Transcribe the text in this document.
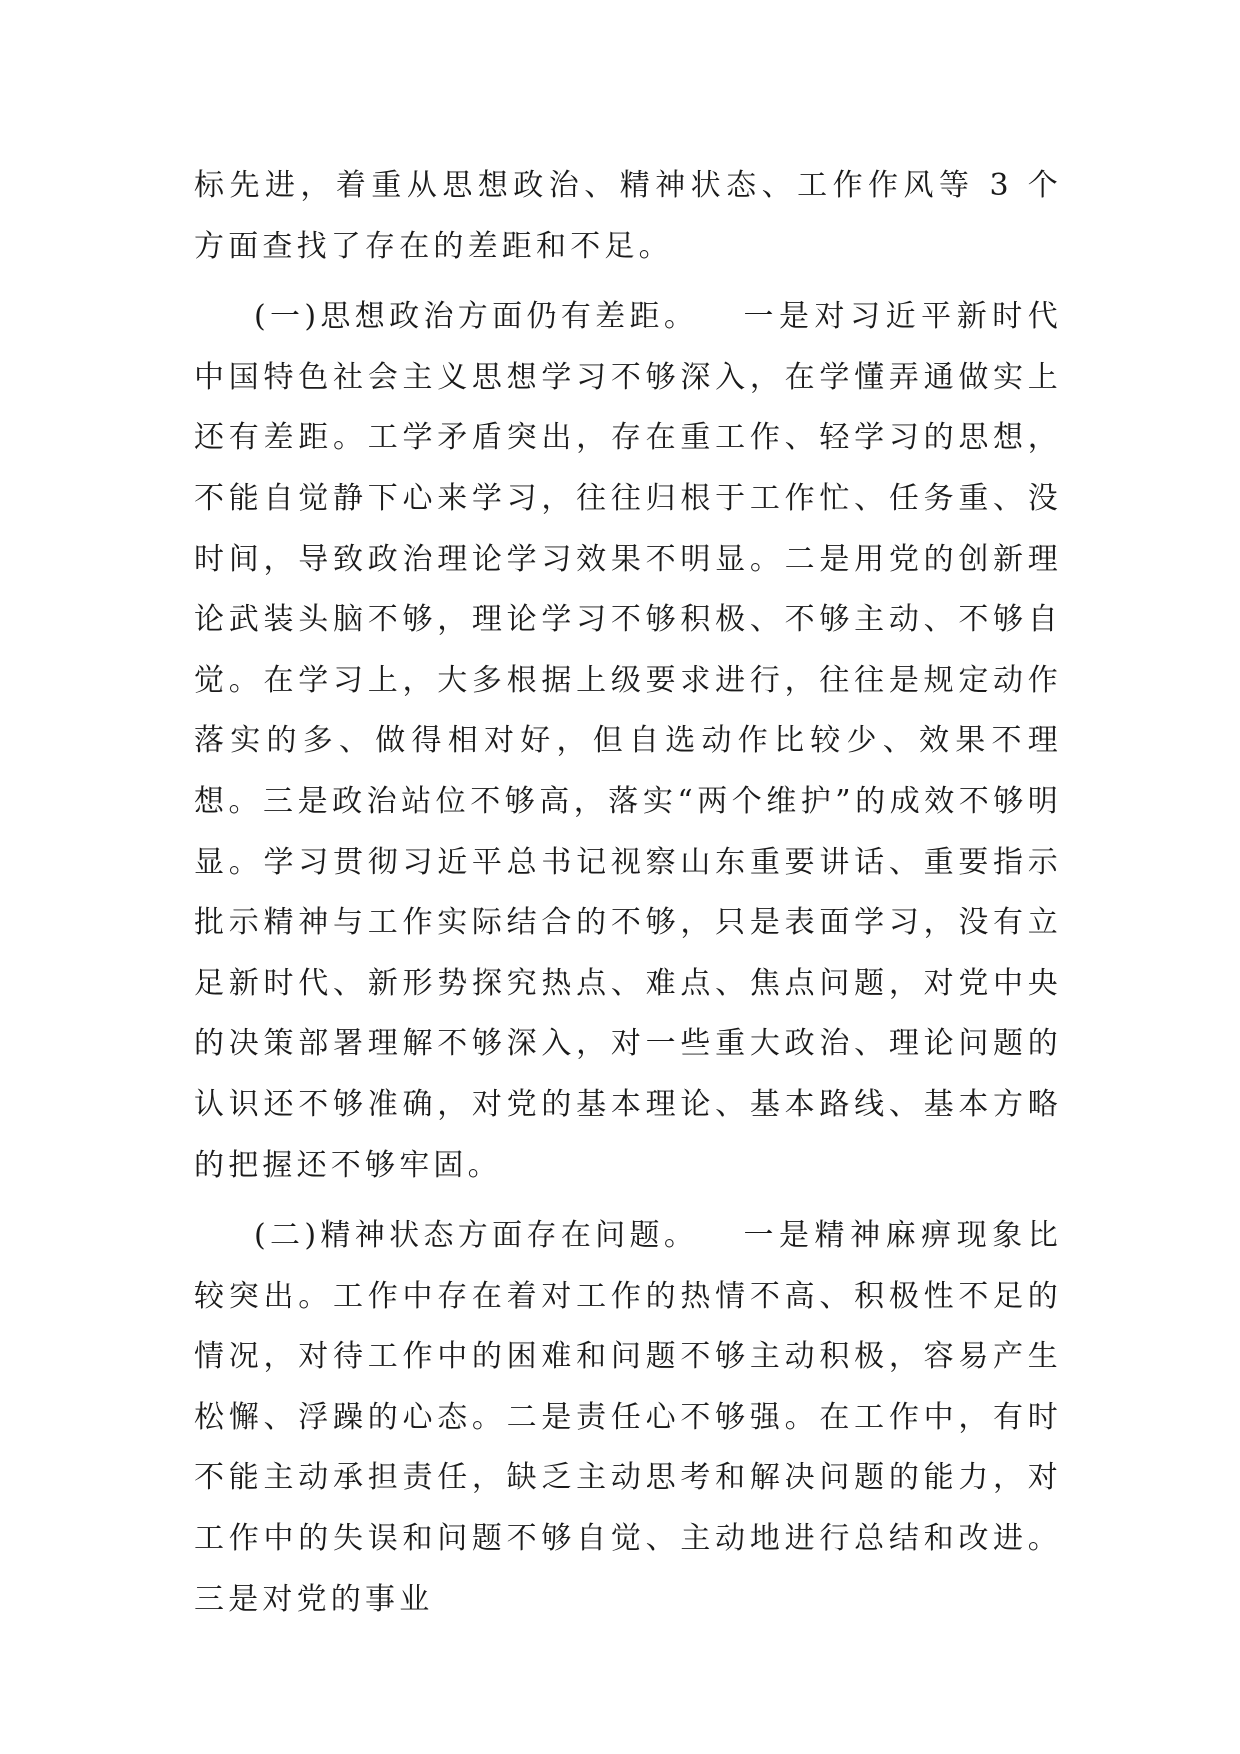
标先进，着重从思想政治、精神状态、工作作风等 3 个方面查找了存在的差距和不足。

(一)思想政治方面仍有差距。 一是对习近平新时代中国特色社会主义思想学习不够深入，在学懂弄通做实上还有差距。工学矛盾突出，存在重工作、轻学习的思想，不能自觉静下心来学习，往往归根于工作忙、任务重、没时间，导致政治理论学习效果不明显。二是用党的创新理论武装头脑不够，理论学习不够积极、不够主动、不够自觉。在学习上，大多根据上级要求进行，往往是规定动作落实的多、做得相对好，但自选动作比较少、效果不理想。三是政治站位不够高，落实“两个维护”的成效不够明显。学习贯彻习近平总书记视察山东重要讲话、重要指示批示精神与工作实际结合的不够，只是表面学习，没有立足新时代、新形势探究热点、难点、焦点问题，对党中央的决策部署理解不够深入，对一些重大政治、理论问题的认识还不够准确，对党的基本理论、基本路线、基本方略的把握还不够牢固。

(二)精神状态方面存在问题。 一是精神麻痹现象比较突出。工作中存在着对工作的热情不高、积极性不足的情况，对待工作中的困难和问题不够主动积极，容易产生松懈、浮躁的心态。二是责任心不够强。在工作中，有时不能主动承担责任，缺乏主动思考和解决问题的能力，对工作中的失误和问题不够自觉、主动地进行总结和改进。三是对党的事业
